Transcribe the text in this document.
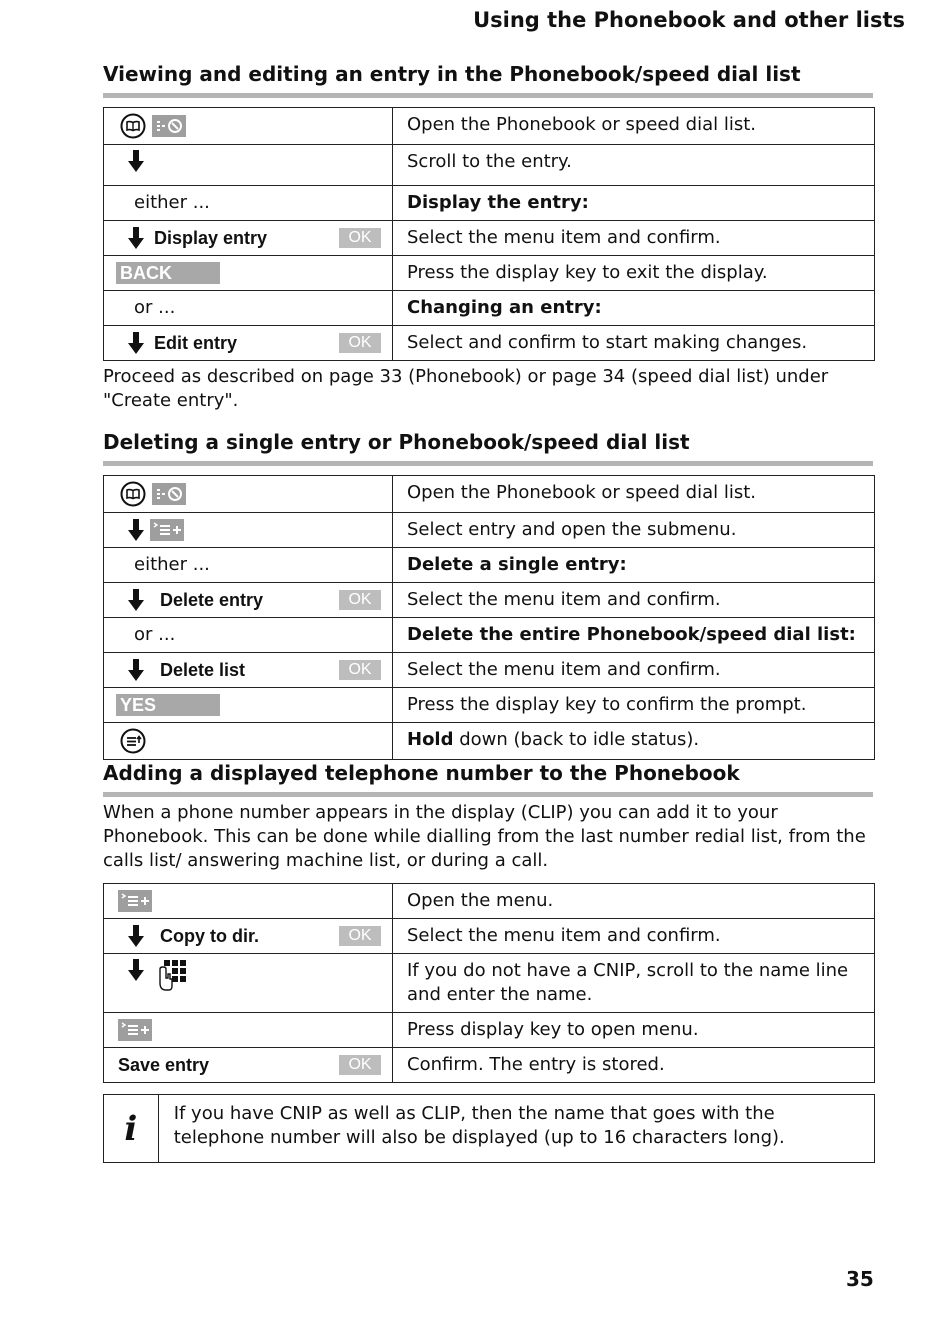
Using the Phonebook and other lists
Viewing and editing an entry in the Phonebook/speed dial list
	Open the Phonebook or speed dial list.

	Scroll to the entry.

either ...	Display the entry:

Display entry OK	Select the menu item and confirm.

BACK	Press the display key to exit the display.

or ...	Changing an entry:

Edit entry OK	Select and confirm to start making changes.

Proceed as described on page 33 (Phonebook) or page 34 (speed dial list) under "Create entry".

Deleting a single entry or Phonebook/speed dial list
	Open the Phonebook or speed dial list.

	Select entry and open the submenu.

either ...	Delete a single entry:

Delete entry OK	Select the menu item and confirm.

or ...	Delete the entire Phonebook/speed dial list:

Delete list OK	Select the menu item and confirm.

YES	Press the display key to confirm the prompt.

	Hold down (back to idle status).
Adding a displayed telephone number to the Phonebook

When a phone number appears in the display (CLIP) you can add it to your Phonebook. This can be done while dialling from the last number redial list, from the calls list/ answering machine list, or during a call.

	Open the menu.

Copy to dir. OK	Select the menu item and confirm.

	If you do not have a CNIP, scroll to the name line and enter the name.

	Press display key to open menu.

Save entry OK	Confirm. The entry is stored.
i	If you have CNIP as well as CLIP, then the name that goes with the telephone number will also be displayed (up to 16 characters long).
35
